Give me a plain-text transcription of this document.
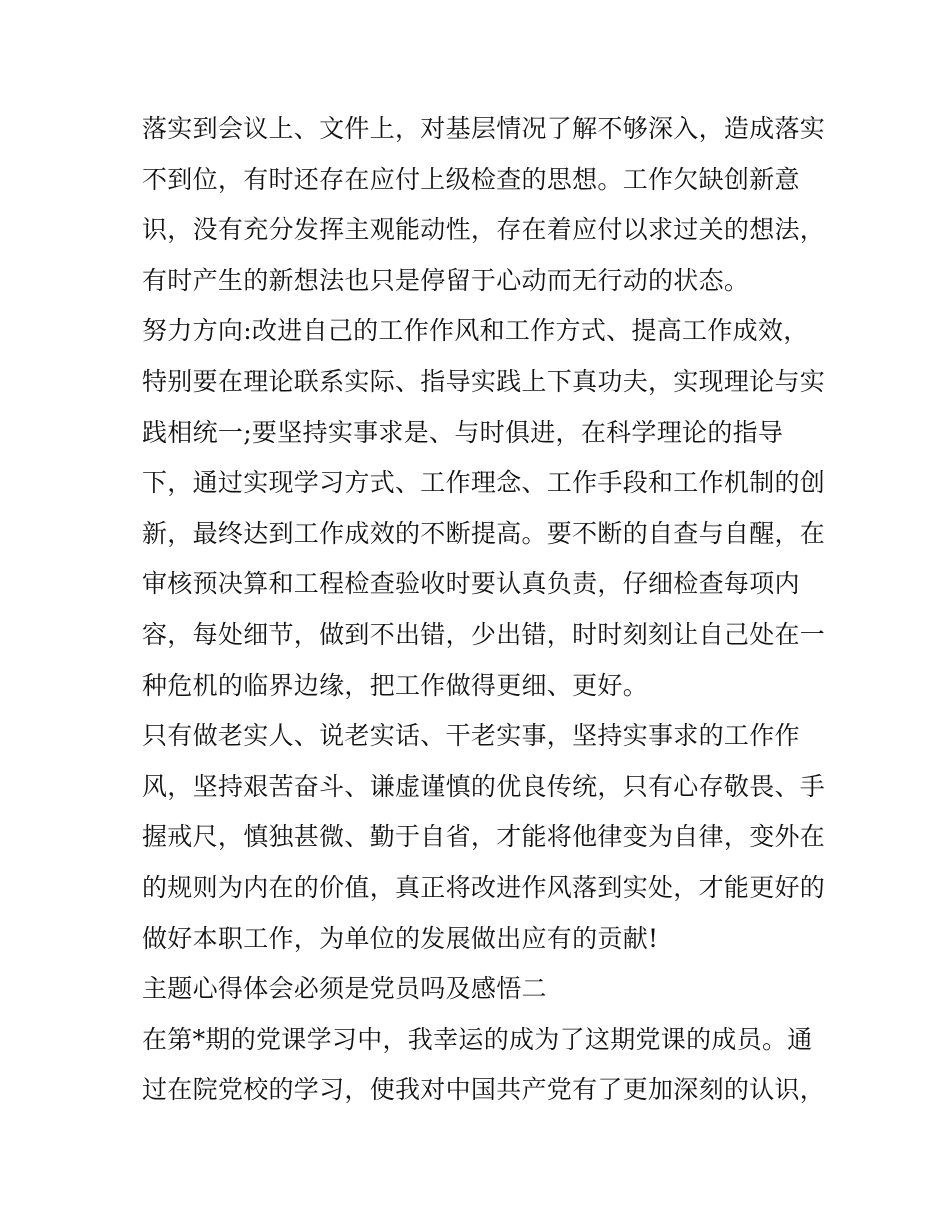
落实到会议上、文件上，对基层情况了解不够深入，造成落实
不到位，有时还存在应付上级检查的思想。工作欠缺创新意
识，没有充分发挥主观能动性，存在着应付以求过关的想法，
有时产生的新想法也只是停留于心动而无行动的状态。
努力方向:改进自己的工作作风和工作方式、提高工作成效，
特别要在理论联系实际、指导实践上下真功夫，实现理论与实
践相统一;要坚持实事求是、与时俱进，在科学理论的指导
下，通过实现学习方式、工作理念、工作手段和工作机制的创
新，最终达到工作成效的不断提高。要不断的自查与自醒，在
审核预决算和工程检查验收时要认真负责，仔细检查每项内
容，每处细节，做到不出错，少出错，时时刻刻让自己处在一
种危机的临界边缘，把工作做得更细、更好。
只有做老实人、说老实话、干老实事，坚持实事求的工作作
风，坚持艰苦奋斗、谦虚谨慎的优良传统，只有心存敬畏、手
握戒尺，慎独甚微、勤于自省，才能将他律变为自律，变外在
的规则为内在的价值，真正将改进作风落到实处，才能更好的
做好本职工作，为单位的发展做出应有的贡献!
主题心得体会必须是党员吗及感悟二
在第*期的党课学习中，我幸运的成为了这期党课的成员。通
过在院党校的学习，使我对中国共产党有了更加深刻的认识，
